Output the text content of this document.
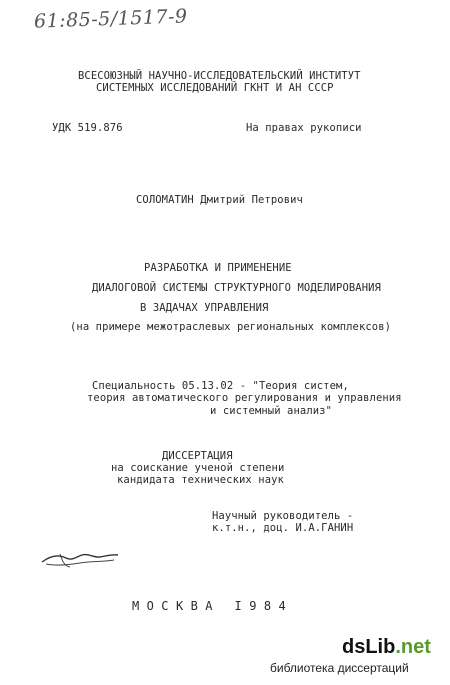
61:85-5/1517-9
ВСЕСОЮЗНЫЙ НАУЧНО-ИССЛЕДОВАТЕЛЬСКИЙ ИНСТИТУТ
СИСТЕМНЫХ ИССЛЕДОВАНИЙ ГКНТ И АН СССР
УДК 519.876	На правах рукописи
СОЛОМАТИН Дмитрий Петрович
РАЗРАБОТКА И ПРИМЕНЕНИЕ
ДИАЛОГОВОЙ СИСТЕМЫ СТРУКТУРНОГО МОДЕЛИРОВАНИЯ
В ЗАДАЧАХ УПРАВЛЕНИЯ
(на примере межотраслевых региональных комплексов)
Специальность 05.13.02 - "Теория систем,
теория автоматического регулирования и управления
и системный анализ"
ДИССЕРТАЦИЯ
на соискание ученой степени
кандидата технических наук
Научный руководитель -
к.т.н., доц. И.А.ГАНИН
М О С К В А   I 9 8 4
dsLib.net
библиотека диссертаций
